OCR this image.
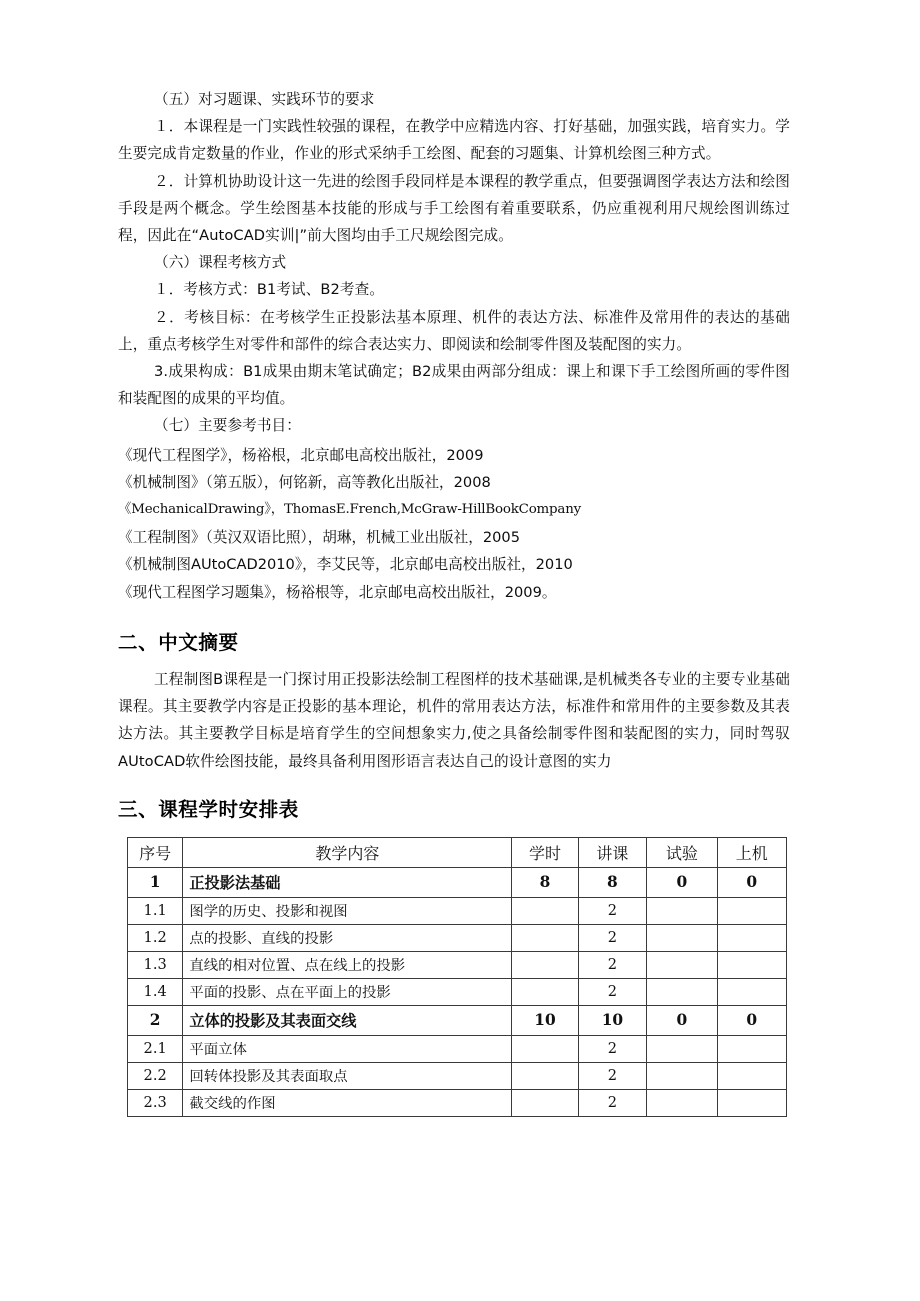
（五）对习题课、实践环节的要求

１．本课程是一门实践性较强的课程，在教学中应精选内容、打好基础，加强实践，培育实力。学生要完成肯定数量的作业，作业的形式采纳手工绘图、配套的习题集、计算机绘图三种方式。

２．计算机协助设计这一先进的绘图手段同样是本课程的教学重点，但要强调图学表达方法和绘图手段是两个概念。学生绘图基本技能的形成与手工绘图有着重要联系，仍应重视利用尺规绘图训练过程，因此在“AutoCAD实训|”前大图均由手工尺规绘图完成。

（六）课程考核方式

１．考核方式：B1考试、B2考查。

２．考核目标：在考核学生正投影法基本原理、机件的表达方法、标准件及常用件的表达的基础上，重点考核学生对零件和部件的综合表达实力、即阅读和绘制零件图及装配图的实力。

3.成果构成：B1成果由期末笔试确定；B2成果由两部分组成：课上和课下手工绘图所画的零件图和装配图的成果的平均值。

（七）主要参考书目：

《现代工程图学》，杨裕根，北京邮电高校出版社，2009

《机械制图》（第五版），何铭新，高等教化出版社，2008

《MechanicalDrawing》，ThomasE.French,McGraw-HillBookCompany

《工程制图》（英汉双语比照），胡琳，机械工业出版社，2005

《机械制图AUtoCAD2010》，李艾民等，北京邮电高校出版社，2010

《现代工程图学习题集》，杨裕根等，北京邮电高校出版社，2009。

二、中文摘要

工程制图B课程是一门探讨用正投影法绘制工程图样的技术基础课,是机械类各专业的主要专业基础课程。其主要教学内容是正投影的基本理论，机件的常用表达方法，标准件和常用件的主要参数及其表达方法。其主要教学目标是培育学生的空间想象实力,使之具备绘制零件图和装配图的实力，同时驾驭AUtoCAD软件绘图技能，最终具备利用图形语言表达自己的设计意图的实力

三、课程学时安排表
序号	教学内容	学时	讲课	试验	上机
1	正投影法基础	8	8	0	0
1.1	图学的历史、投影和视图		2		
1.2	点的投影、直线的投影		2		
1.3	直线的相对位置、点在线上的投影		2		
1.4	平面的投影、点在平面上的投影		2		
2	立体的投影及其表面交线	10	10	0	0
2.1	平面立体		2		
2.2	回转体投影及其表面取点		2		
2.3	截交线的作图		2		
